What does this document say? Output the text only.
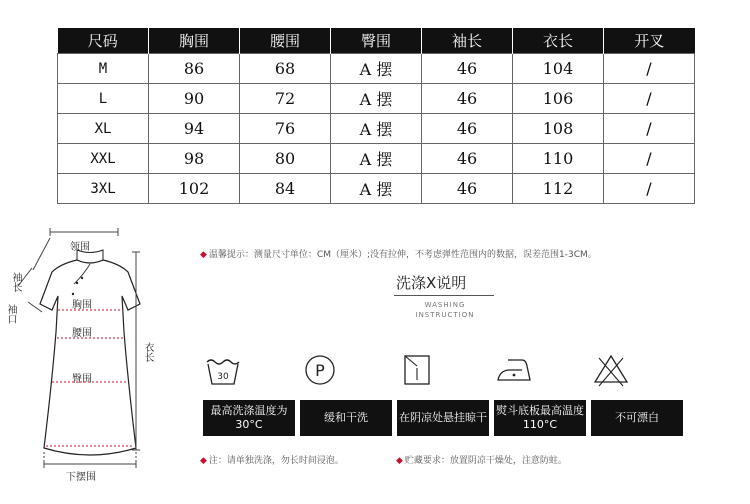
尺码	胸围	腰围	臀围	袖长	衣长	开叉
M	86	68	A 摆	46	104	/
L	90	72	A 摆	46	106	/
XL	94	76	A 摆	46	108	/
XXL	98	80	A 摆	46	110	/
3XL	102	84	A 摆	46	112	/
领围
袖长
袖口	胸围
腰围
臀围
衣长
下摆围
◆ 温馨提示：测量尺寸单位：CM（厘米）;没有拉伸，不考虑弹性范围内的数据，误差范围1-3CM。
洗涤X说明
WASHING
INSTRUCTION
30
最高洗涤温度为30°C
P
缓和干洗	在阴凉处悬挂晾干
熨斗底板最高温度110°C
不可漂白
◆ 注：请单独洗涤，勿长时间浸泡。	◆ 贮藏要求：放置阴凉干燥处，注意防蛀。
